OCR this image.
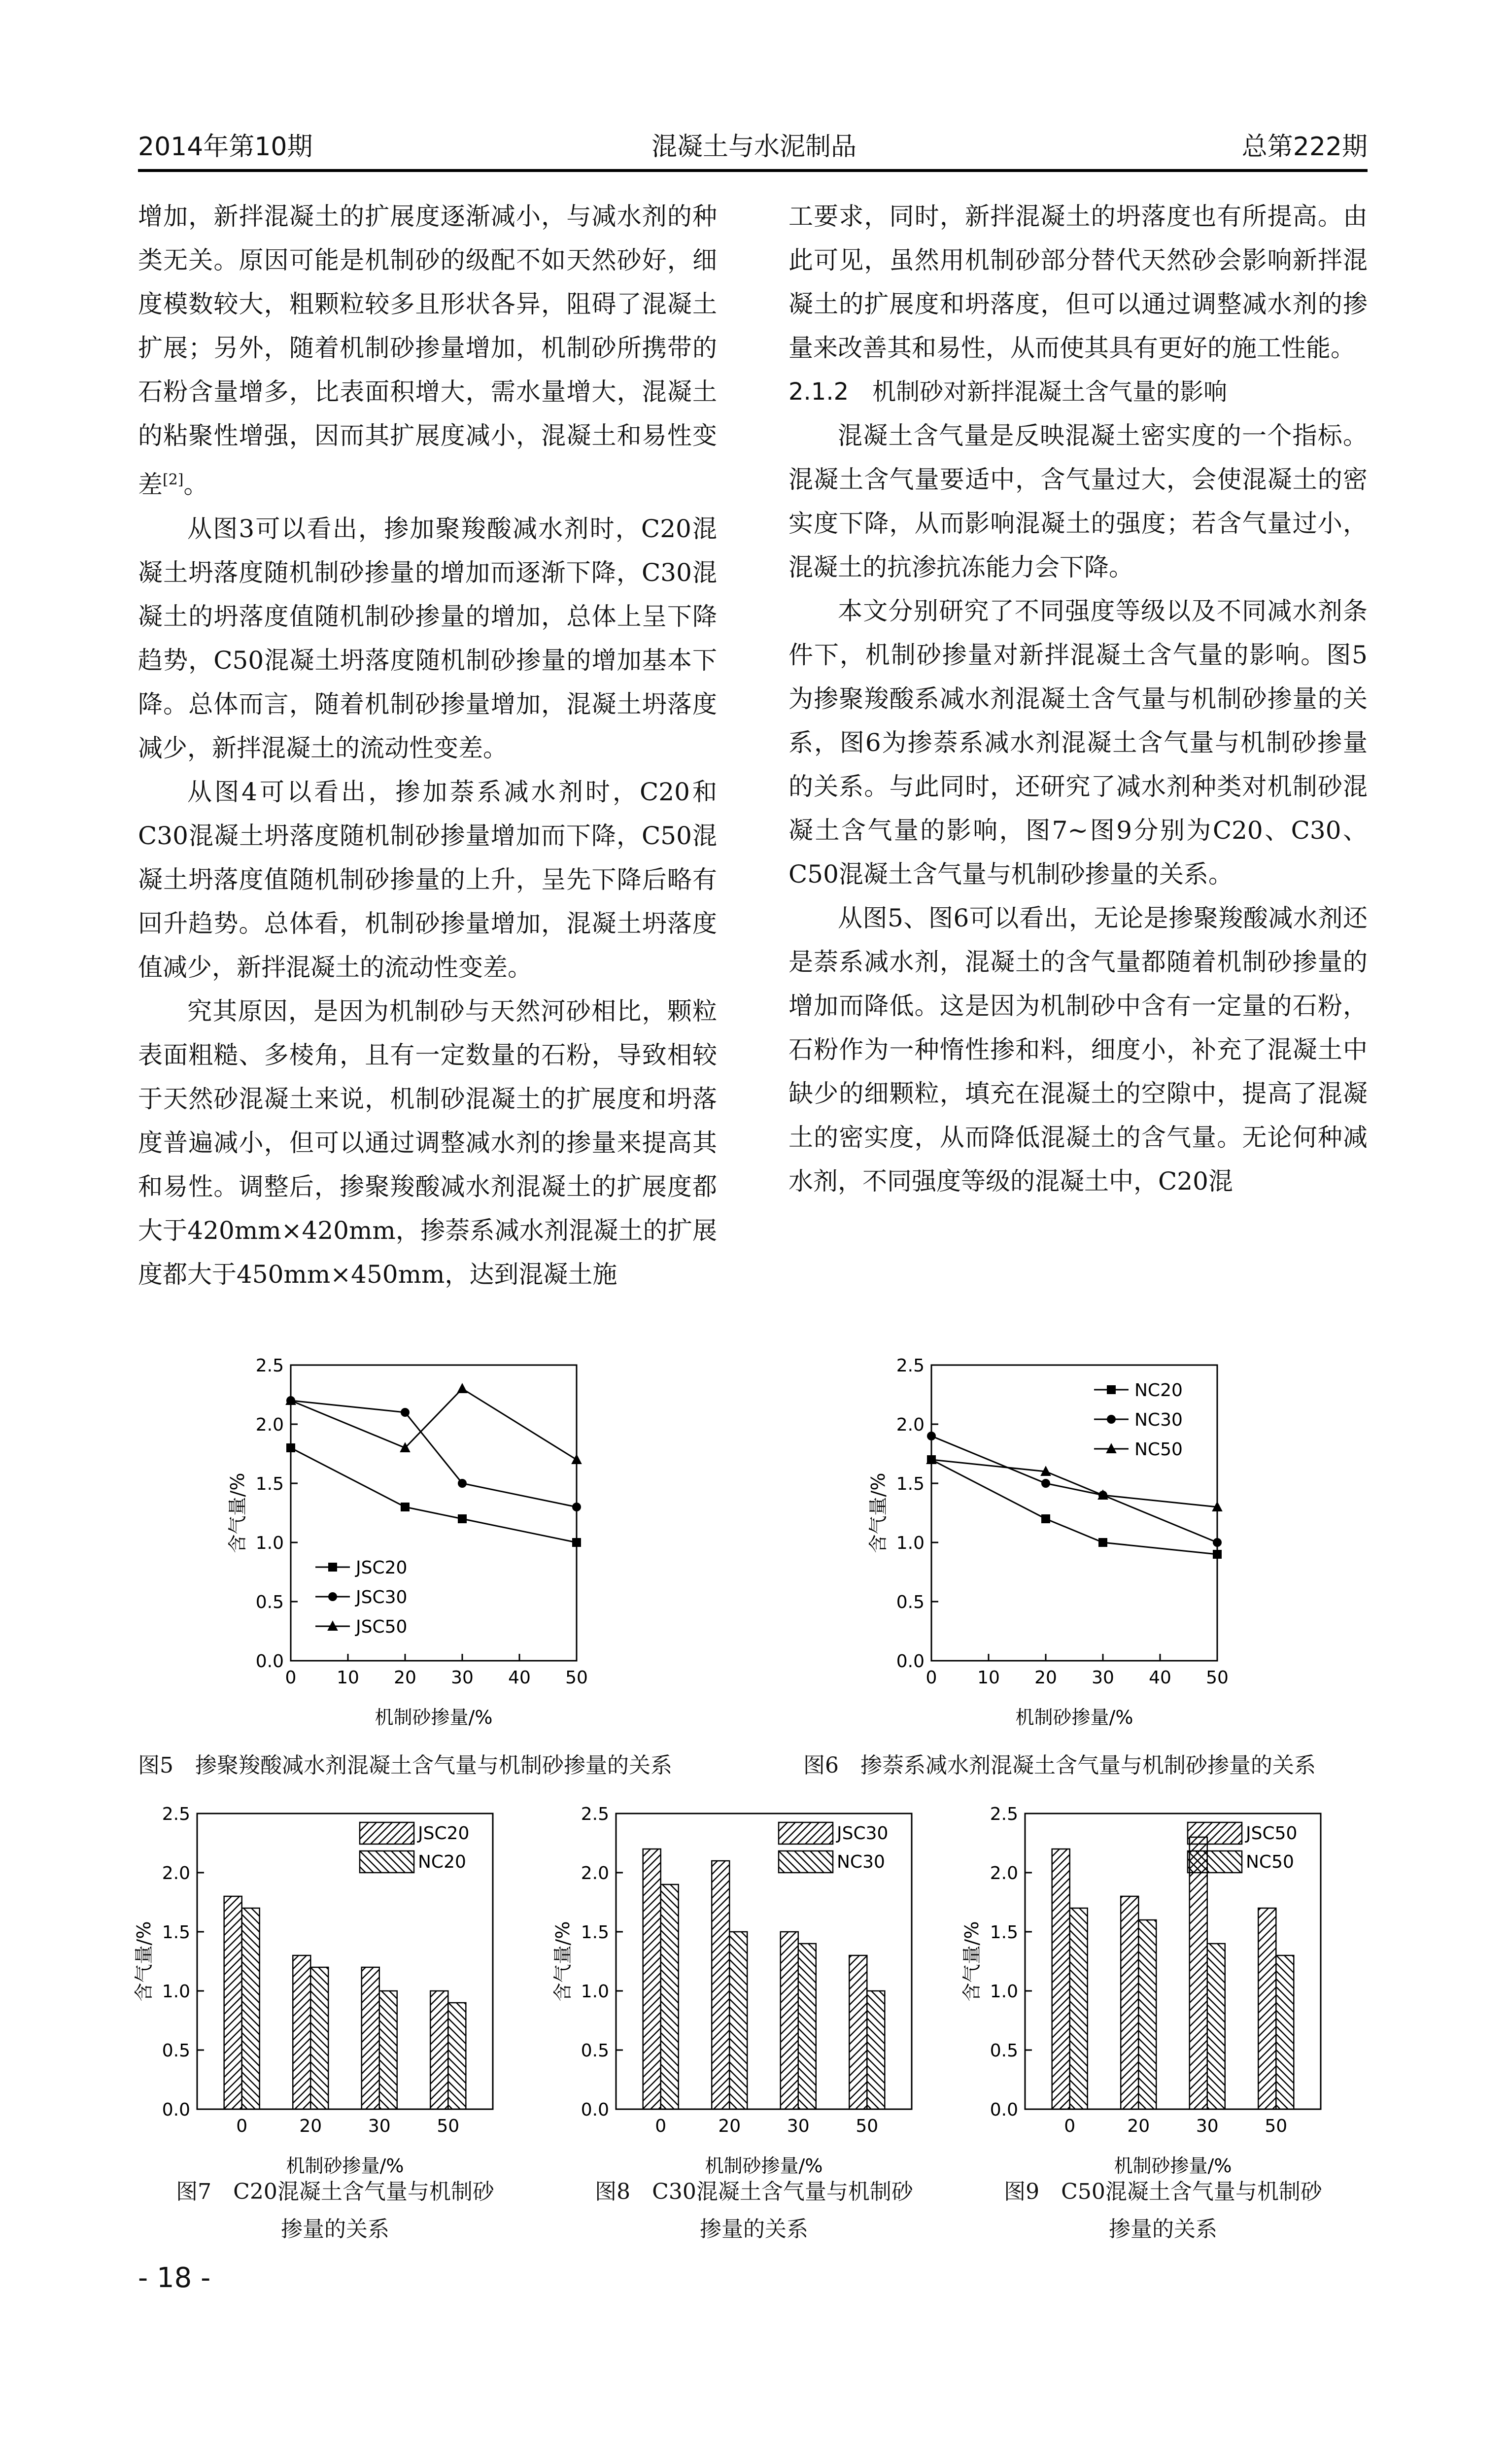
2014年第10期	混凝土与水泥制品	总第222期

增加，新拌混凝土的扩展度逐渐减小，与减水剂的种类无关。原因可能是机制砂的级配不如天然砂好，细度模数较大，粗颗粒较多且形状各异，阻碍了混凝土扩展；另外，随着机制砂掺量增加，机制砂所携带的石粉含量增多，比表面积增大，需水量增大，混凝土的粘聚性增强，因而其扩展度减小，混凝土和易性变差[2]。

从图3可以看出，掺加聚羧酸减水剂时，C20混凝土坍落度随机制砂掺量的增加而逐渐下降，C30混凝土的坍落度值随机制砂掺量的增加，总体上呈下降趋势，C50混凝土坍落度随机制砂掺量的增加基本下降。总体而言，随着机制砂掺量增加，混凝土坍落度减少，新拌混凝土的流动性变差。

从图4可以看出，掺加萘系减水剂时，C20和C30混凝土坍落度随机制砂掺量增加而下降，C50混凝土坍落度值随机制砂掺量的上升，呈先下降后略有回升趋势。总体看，机制砂掺量增加，混凝土坍落度值减少，新拌混凝土的流动性变差。

究其原因，是因为机制砂与天然河砂相比，颗粒表面粗糙、多棱角，且有一定数量的石粉，导致相较于天然砂混凝土来说，机制砂混凝土的扩展度和坍落度普遍减小，但可以通过调整减水剂的掺量来提高其和易性。调整后，掺聚羧酸减水剂混凝土的扩展度都大于420mm×420mm，掺萘系减水剂混凝土的扩展度都大于450mm×450mm，达到混凝土施

工要求，同时，新拌混凝土的坍落度也有所提高。由此可见，虽然用机制砂部分替代天然砂会影响新拌混凝土的扩展度和坍落度，但可以通过调整减水剂的掺量来改善其和易性，从而使其具有更好的施工性能。

2.1.2　机制砂对新拌混凝土含气量的影响

混凝土含气量是反映混凝土密实度的一个指标。混凝土含气量要适中，含气量过大，会使混凝土的密实度下降，从而影响混凝土的强度；若含气量过小，混凝土的抗渗抗冻能力会下降。

本文分别研究了不同强度等级以及不同减水剂条件下，机制砂掺量对新拌混凝土含气量的影响。图5为掺聚羧酸系减水剂混凝土含气量与机制砂掺量的关系，图6为掺萘系减水剂混凝土含气量与机制砂掺量的关系。与此同时，还研究了减水剂种类对机制砂混凝土含气量的影响，图7~图9分别为C20、C30、C50混凝土含气量与机制砂掺量的关系。

从图5、图6可以看出，无论是掺聚羧酸减水剂还是萘系减水剂，混凝土的含气量都随着机制砂掺量的增加而降低。这是因为机制砂中含有一定量的石粉，石粉作为一种惰性掺和料，细度小，补充了混凝土中缺少的细颗粒，填充在混凝土的空隙中，提高了混凝土的密实度，从而降低混凝土的含气量。无论何种减水剂，不同强度等级的混凝土中，C20混

0.0
0.5
1.0
1.5
2.0
2.5
0 10 20 30 40 50
机制砂掺量/%
含气量/%
JSC20
JSC30
JSC50
0.0
0.5
1.0
1.5
2.0
2.5
0 10 20 30 40 50
机制砂掺量/%
含气量/%
NC20
NC30
NC50
图5　掺聚羧酸减水剂混凝土含气量与机制砂掺量的关系	图6　掺萘系减水剂混凝土含气量与机制砂掺量的关系
0.0
0.5
1.0
1.5
2.0
2.5
0	20	30	50
机制砂掺量/%
含气量/%
JSC20
NC20
0.0
0.5
1.0
1.5
2.0
2.5
0	20	30	50
机制砂掺量/%
含气量/%
JSC30
NC30
0.0
0.5
1.0
1.5
2.0
2.5
0	20	30	50
机制砂掺量/%
含气量/%
JSC50
NC50
图7　C20混凝土含气量与机制砂
掺量的关系
图8　C30混凝土含气量与机制砂
掺量的关系
图9　C50混凝土含气量与机制砂
掺量的关系
- 18 -
